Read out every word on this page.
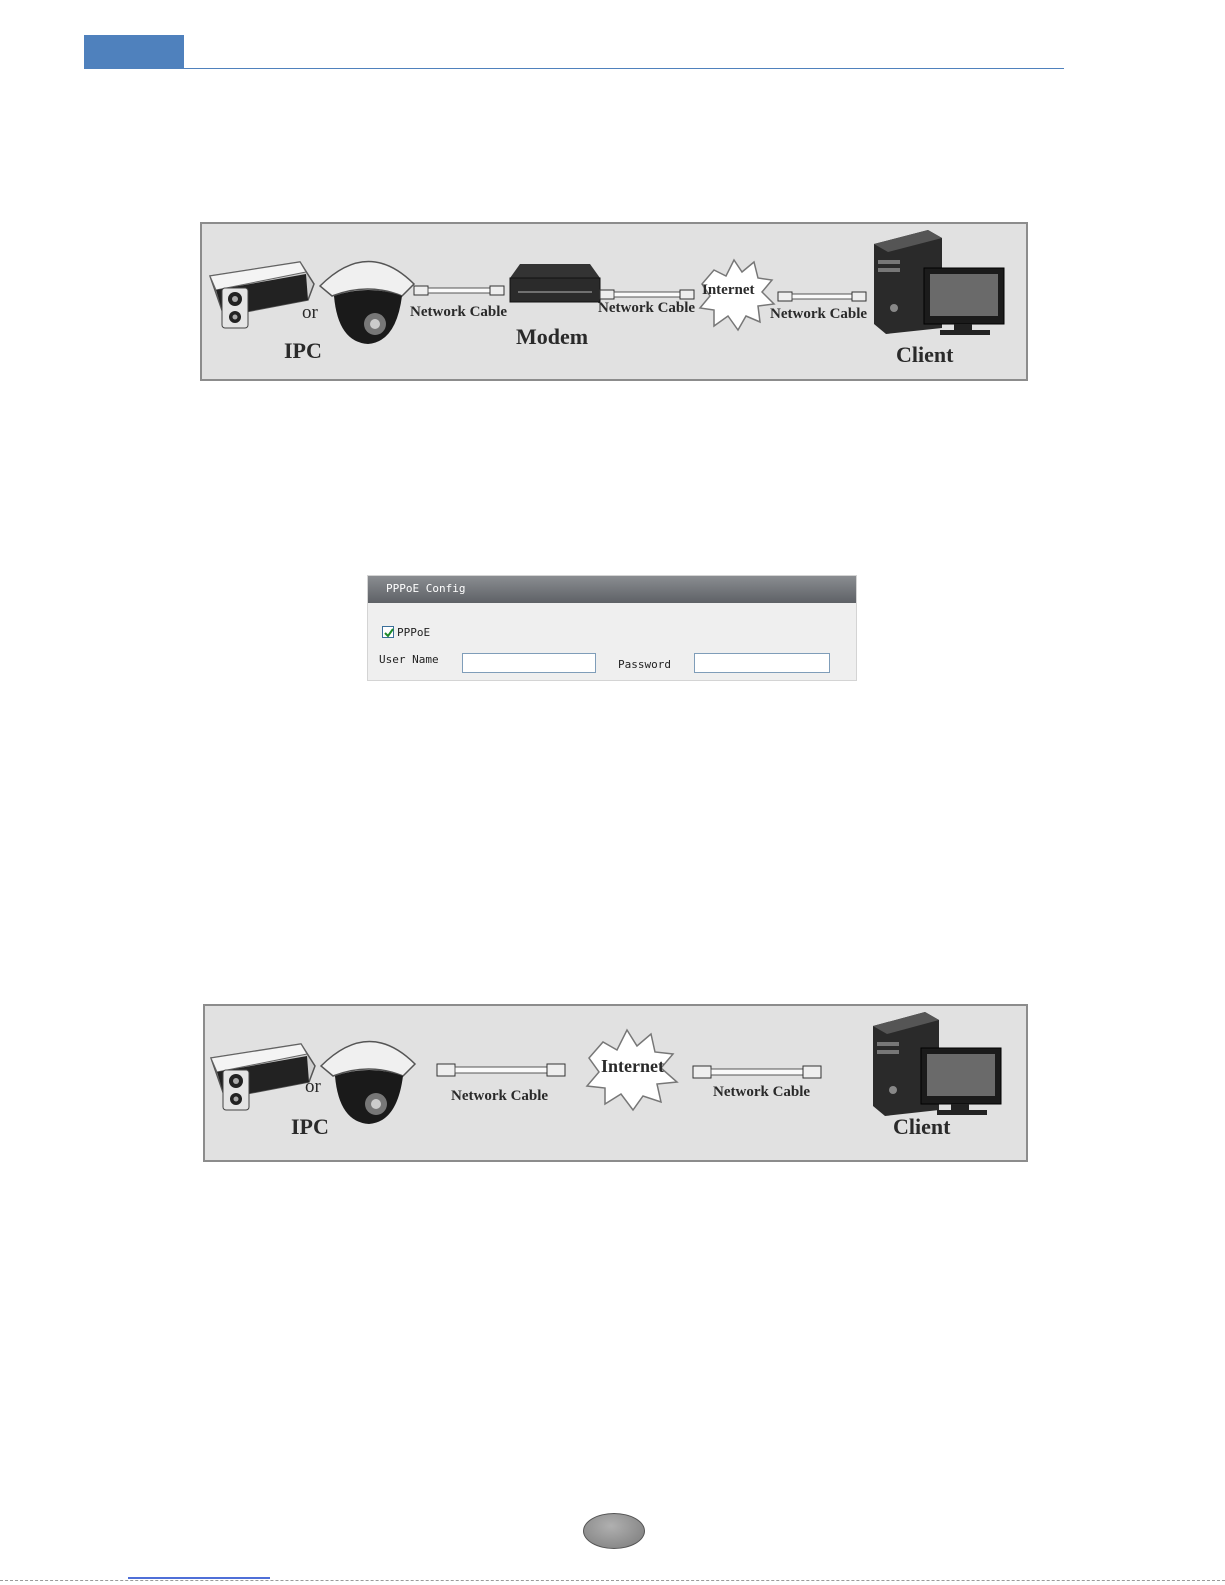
or
IPC
Network Cable
Modem
Network Cable
Internet
Network Cable
Client
PPPoE Config
PPPoE
User Name	Password
or
IPC
Network Cable
Internet
Network Cable
Client
